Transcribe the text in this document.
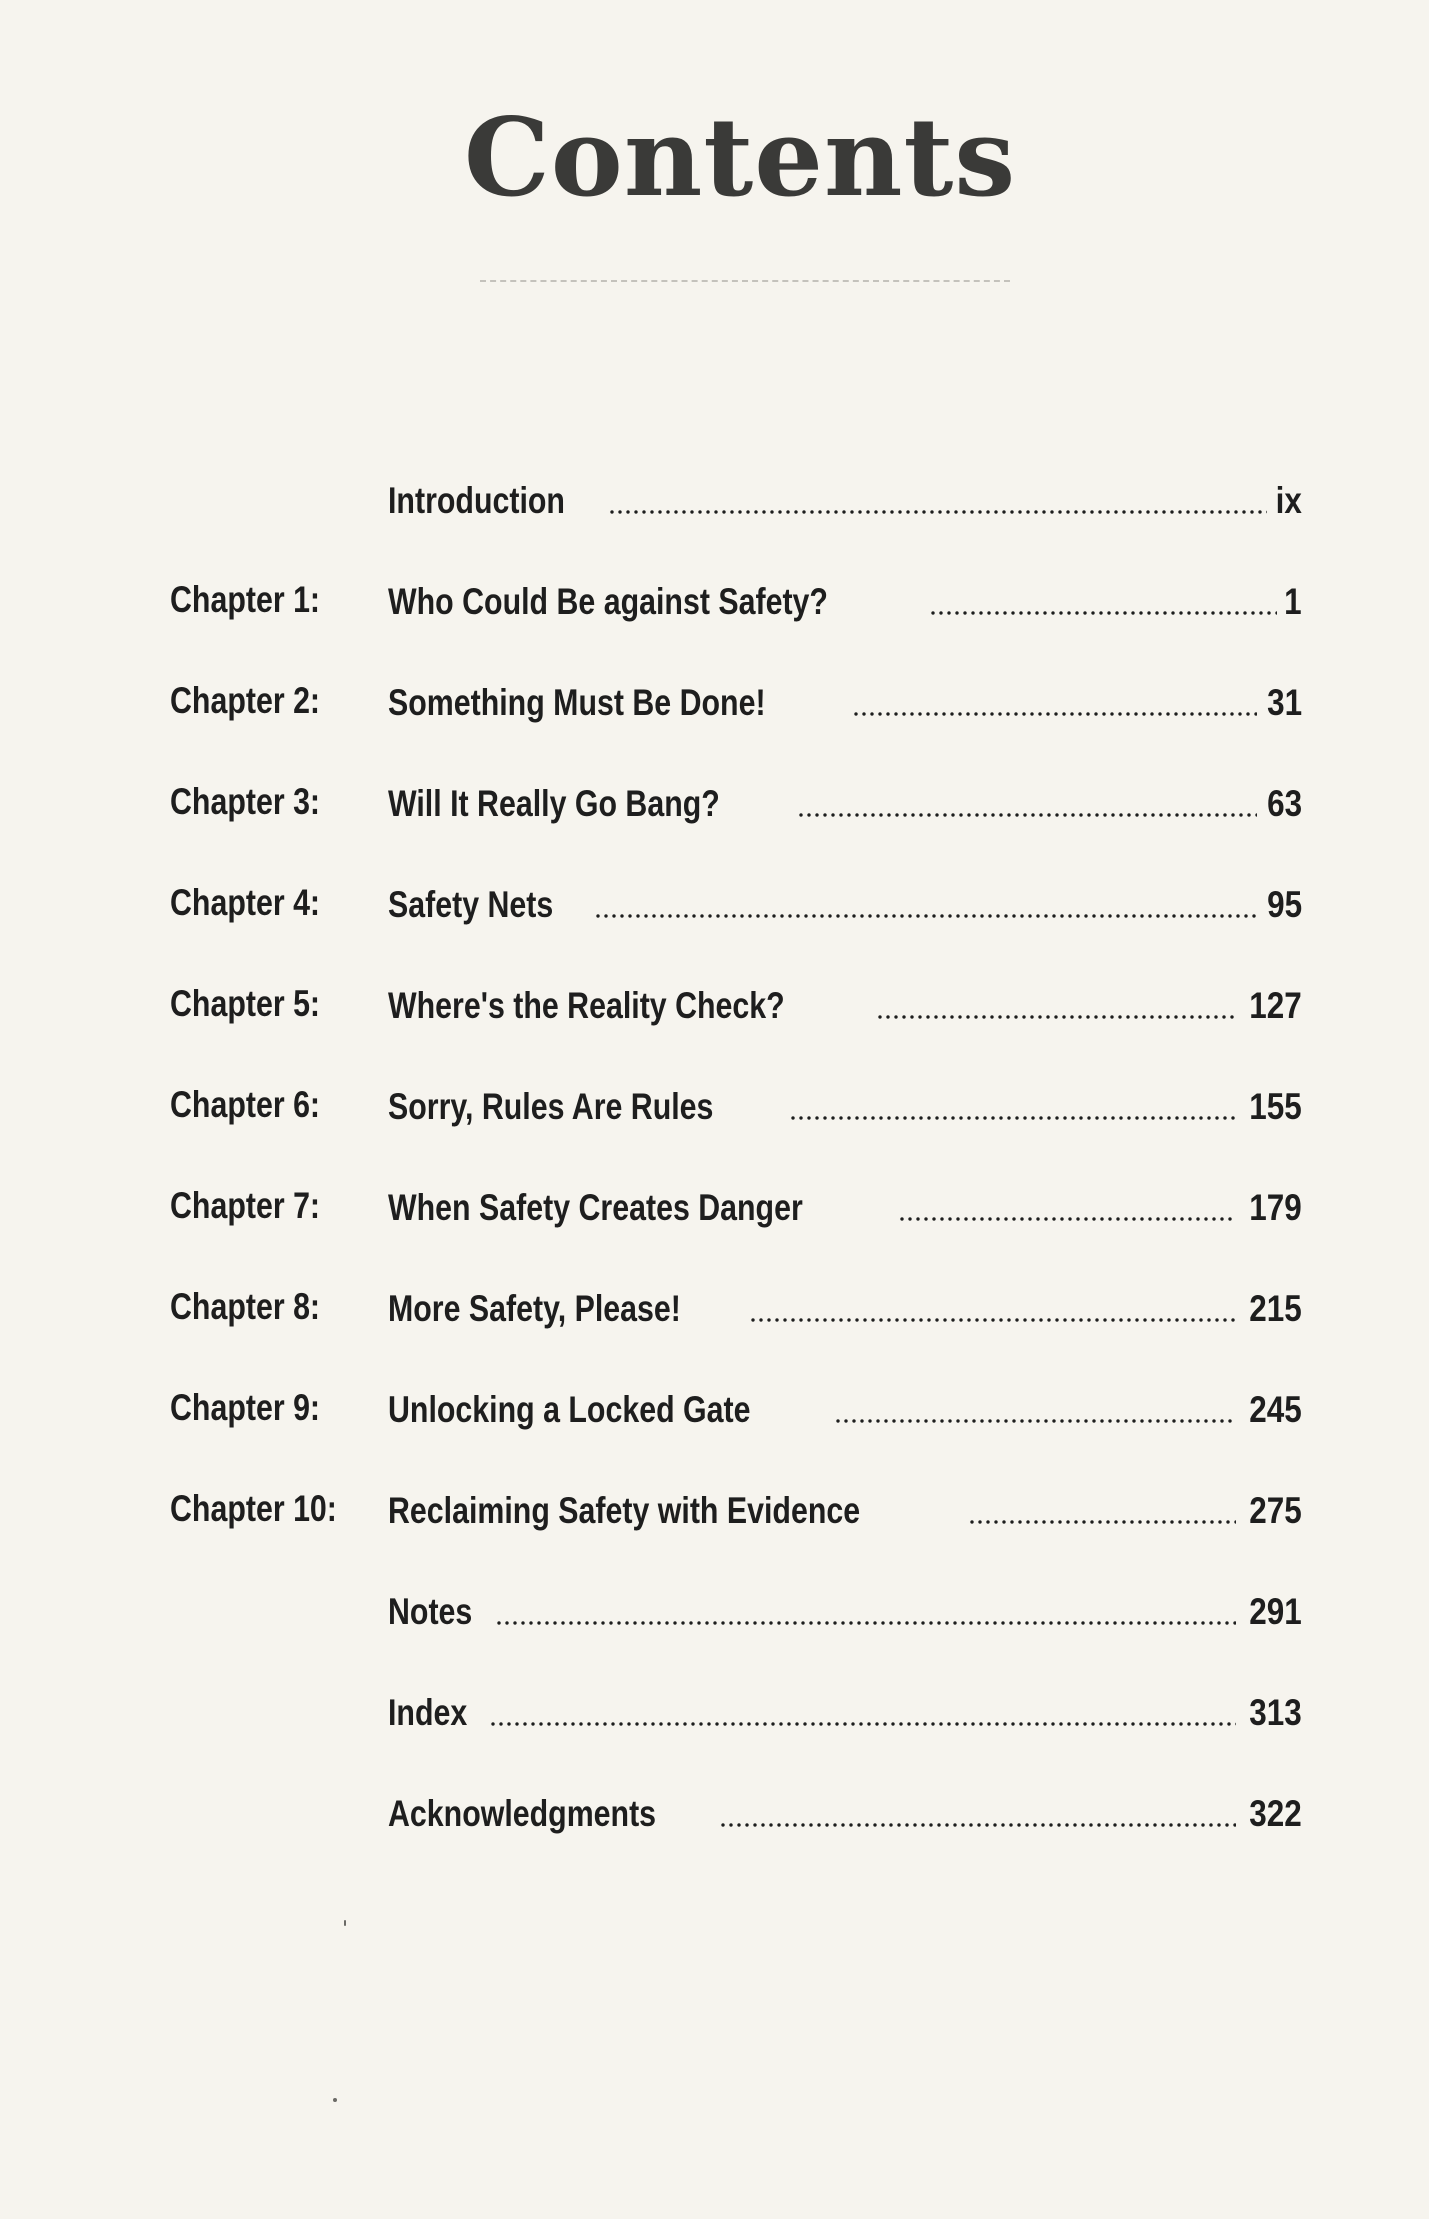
Contents
Introduction	ix
Chapter 1: Who Could Be against Safety?	1
Chapter 2: Something Must Be Done!	31
Chapter 3: Will It Really Go Bang?	63
Chapter 4: Safety Nets	95
Chapter 5: Where's the Reality Check?	127
Chapter 6: Sorry, Rules Are Rules	155
Chapter 7: When Safety Creates Danger	179
Chapter 8: More Safety, Please!	215
Chapter 9: Unlocking a Locked Gate	245
Chapter 10: Reclaiming Safety with Evidence	275
Notes	291
Index	313
Acknowledgments	322
